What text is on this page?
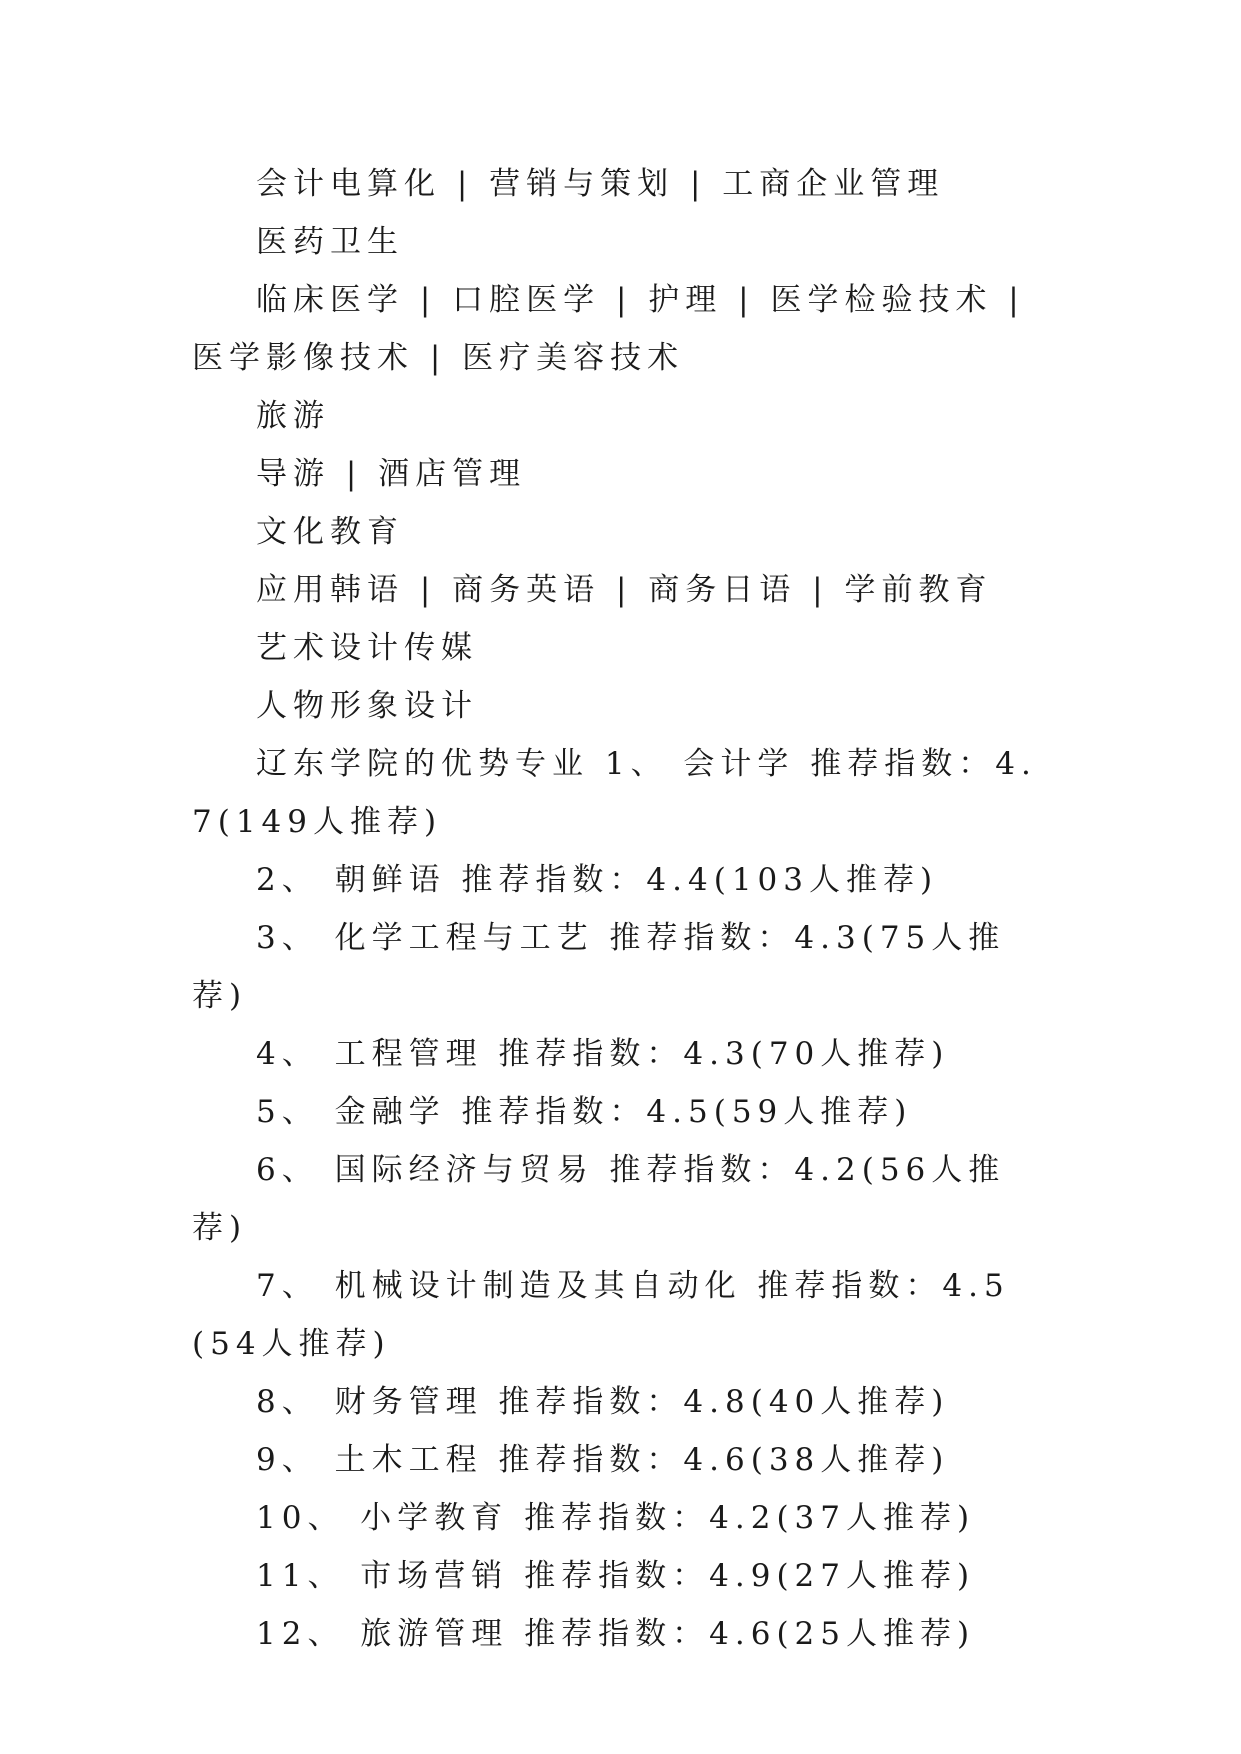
会计电算化 | 营销与策划 | 工商企业管理

医药卫生

临床医学 | 口腔医学 | 护理 | 医学检验技术 | 医学影像技术 | 医疗美容技术

旅游

导游 | 酒店管理

文化教育

应用韩语 | 商务英语 | 商务日语 | 学前教育

艺术设计传媒

人物形象设计

辽东学院的优势专业 1、 会计学 推荐指数：4.7(149人推荐)

2、 朝鲜语 推荐指数：4.4(103人推荐)

3、 化学工程与工艺 推荐指数：4.3(75人推荐)

4、 工程管理 推荐指数：4.3(70人推荐)

5、 金融学 推荐指数：4.5(59人推荐)

6、 国际经济与贸易 推荐指数：4.2(56人推荐)

7、 机械设计制造及其自动化 推荐指数：4.5(54人推荐)

8、 财务管理 推荐指数：4.8(40人推荐)

9、 土木工程 推荐指数：4.6(38人推荐)

10、 小学教育 推荐指数：4.2(37人推荐)

11、 市场营销 推荐指数：4.9(27人推荐)

12、 旅游管理 推荐指数：4.6(25人推荐)
